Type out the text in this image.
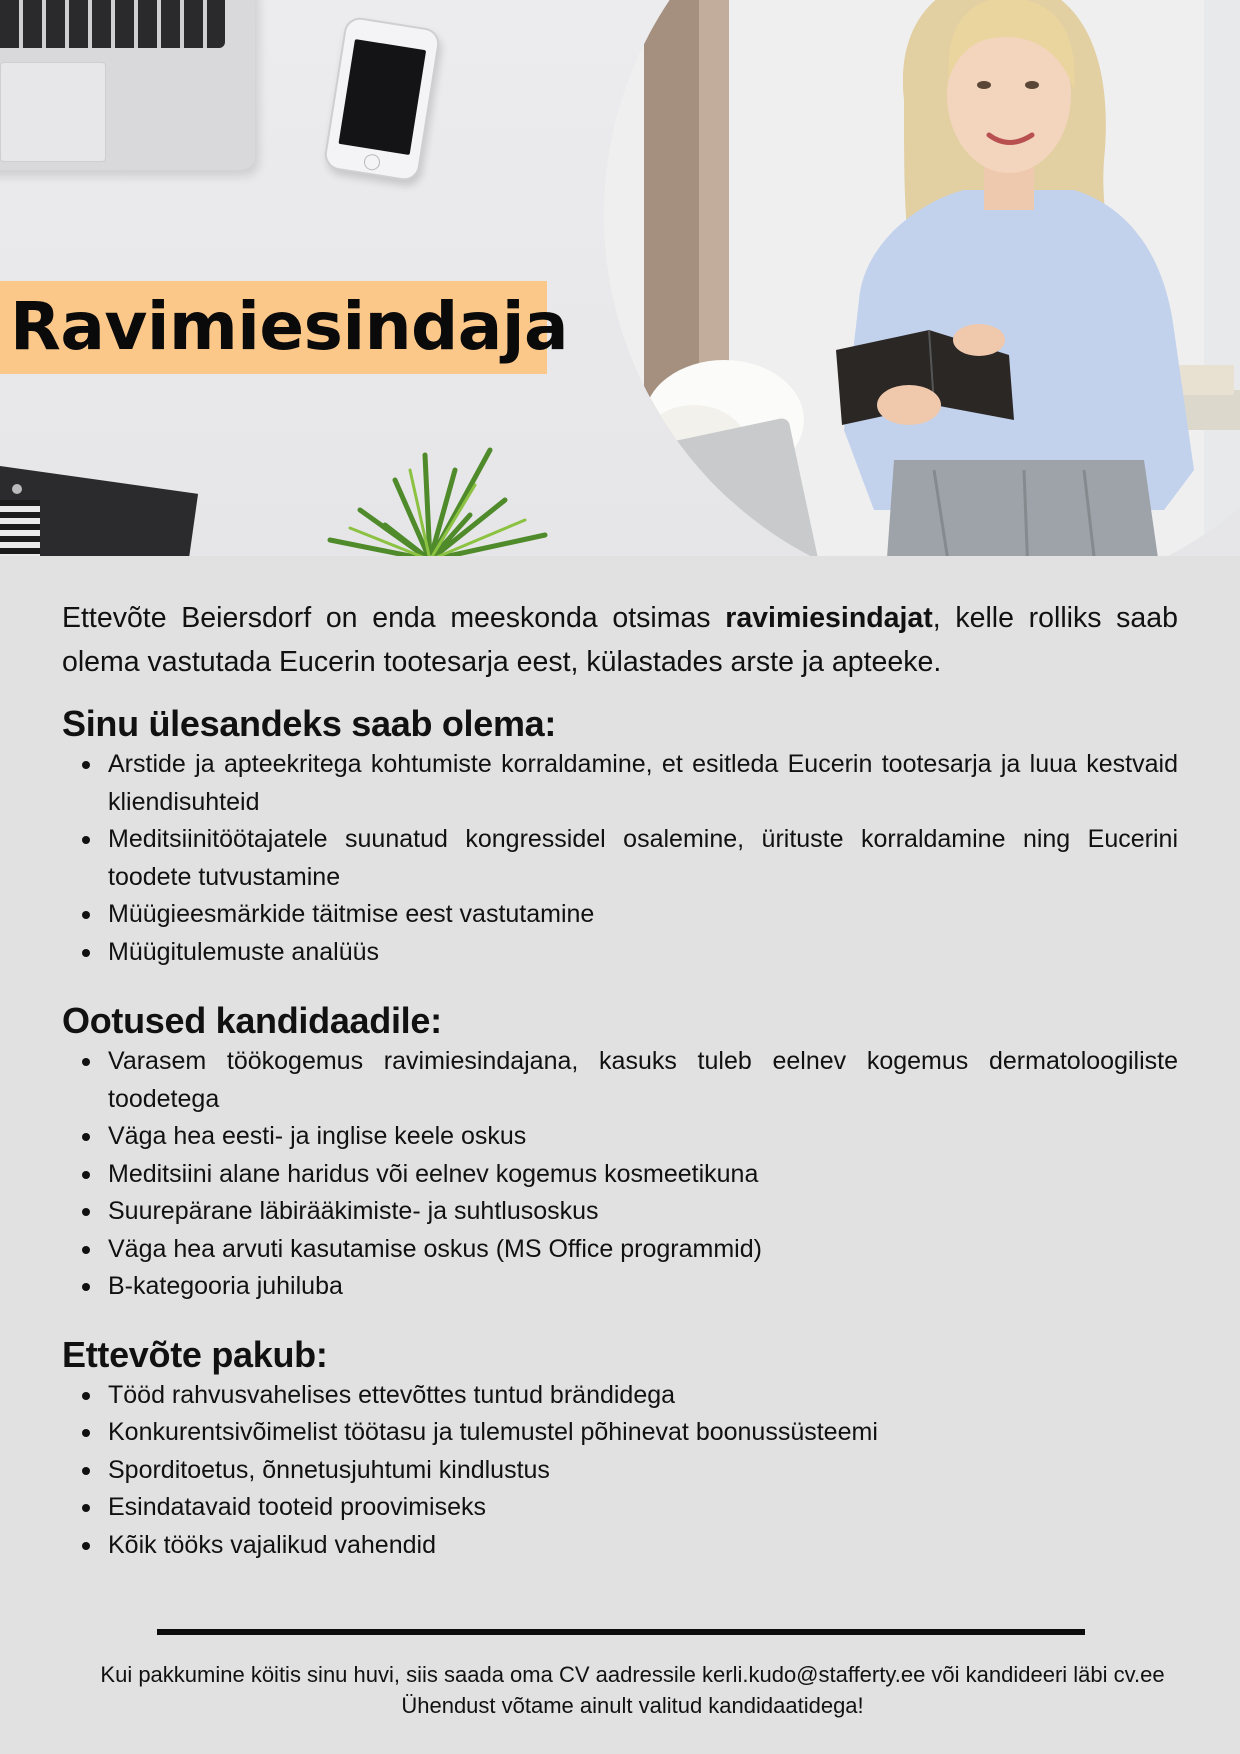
Ravimiesindaja

Ettevõte Beiersdorf on enda meeskonda otsimas ravimiesindajat, kelle rolliks saab olema vastutada Eucerin tootesarja eest, külastades arste ja apteeke.

Sinu ülesandeks saab olema:
Arstide ja apteekritega kohtumiste korraldamine, et esitleda Eucerin tootesarja ja luua kestvaid kliendisuhteid
Meditsiinitöötajatele suunatud kongressidel osalemine, ürituste korraldamine ning Eucerini toodete tutvustamine
Müügieesmärkide täitmise eest vastutamine
Müügitulemuste analüüs
Ootused kandidaadile:
Varasem töökogemus ravimiesindajana, kasuks tuleb eelnev kogemus dermatoloogiliste toodetega
Väga hea eesti- ja inglise keele oskus
Meditsiini alane haridus või eelnev kogemus kosmeetikuna
Suurepärane läbirääkimiste- ja suhtlusoskus
Väga hea arvuti kasutamise oskus (MS Office programmid)
B-kategooria juhiluba
Ettevõte pakub:
Tööd rahvusvahelises ettevõttes tuntud brändidega
Konkurentsivõimelist töötasu ja tulemustel põhinevat boonussüsteemi
Sporditoetus, õnnetusjuhtumi kindlustus
Esindatavaid tooteid proovimiseks
Kõik tööks vajalikud vahendid

Kui pakkumine köitis sinu huvi, siis saada oma CV aadressile kerli.kudo@stafferty.ee või kandideeri läbi cv.ee

Ühendust võtame ainult valitud kandidaatidega!
